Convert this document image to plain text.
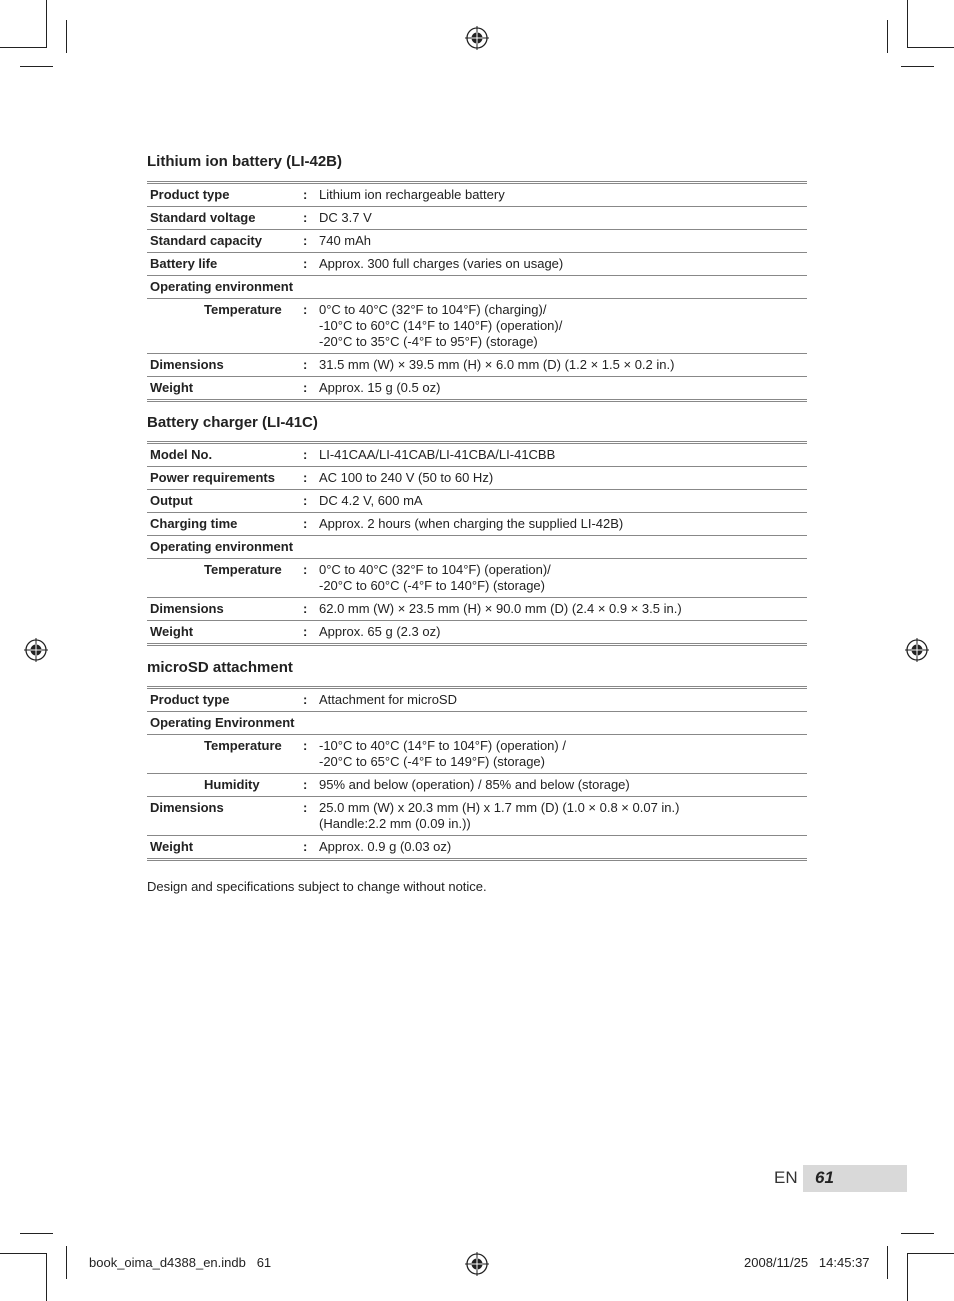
Lithium ion battery (LI-42B)
Battery charger (LI-41C)
microSD attachment
Product type	:	Lithium ion rechargeable battery

Standard voltage	:	DC 3.7 V

Standard capacity	:	740 mAh

Battery life	:	Approx. 300 full charges (varies on usage)

Operating environment		
Temperature	:	0°C to 40°C (32°F to 104°F) (charging)/
-10°C to 60°C (14°F to 140°F) (operation)/
-20°C to 35°C (-4°F to 95°F) (storage)

Dimensions	:	31.5 mm (W) × 39.5 mm (H) × 6.0 mm (D) (1.2 × 1.5 × 0.2 in.)

Weight	:	Approx. 15 g (0.5 oz)
Model No.	:	LI-41CAA/LI-41CAB/LI-41CBA/LI-41CBB

Power requirements	:	AC 100 to 240 V (50 to 60 Hz)

Output	:	DC 4.2 V, 600 mA

Charging time	:	Approx. 2 hours (when charging the supplied LI-42B)

Operating environment		
Temperature	:	0°C to 40°C (32°F to 104°F) (operation)/
-20°C to 60°C (-4°F to 140°F) (storage)

Dimensions	:	62.0 mm (W) × 23.5 mm (H) × 90.0 mm (D) (2.4 × 0.9 × 3.5 in.)

Weight	:	Approx. 65 g (2.3 oz)
Product type	:	Attachment for microSD

Operating Environment		
Temperature	:	-10°C to 40°C (14°F to 104°F) (operation) /
-20°C to 65°C (-4°F to 149°F) (storage)

Humidity	:	95% and below (operation) / 85% and below (storage)

Dimensions	:	25.0 mm (W) x 20.3 mm (H) x 1.7 mm (D) (1.0 × 0.8 × 0.07 in.)
(Handle:2.2 mm (0.09 in.))

Weight	:	Approx. 0.9 g (0.03 oz)
Design and specifications subject to change without notice.
EN 61
book_oima_d4388_en.indb   61	2008/11/25   14:45:37
